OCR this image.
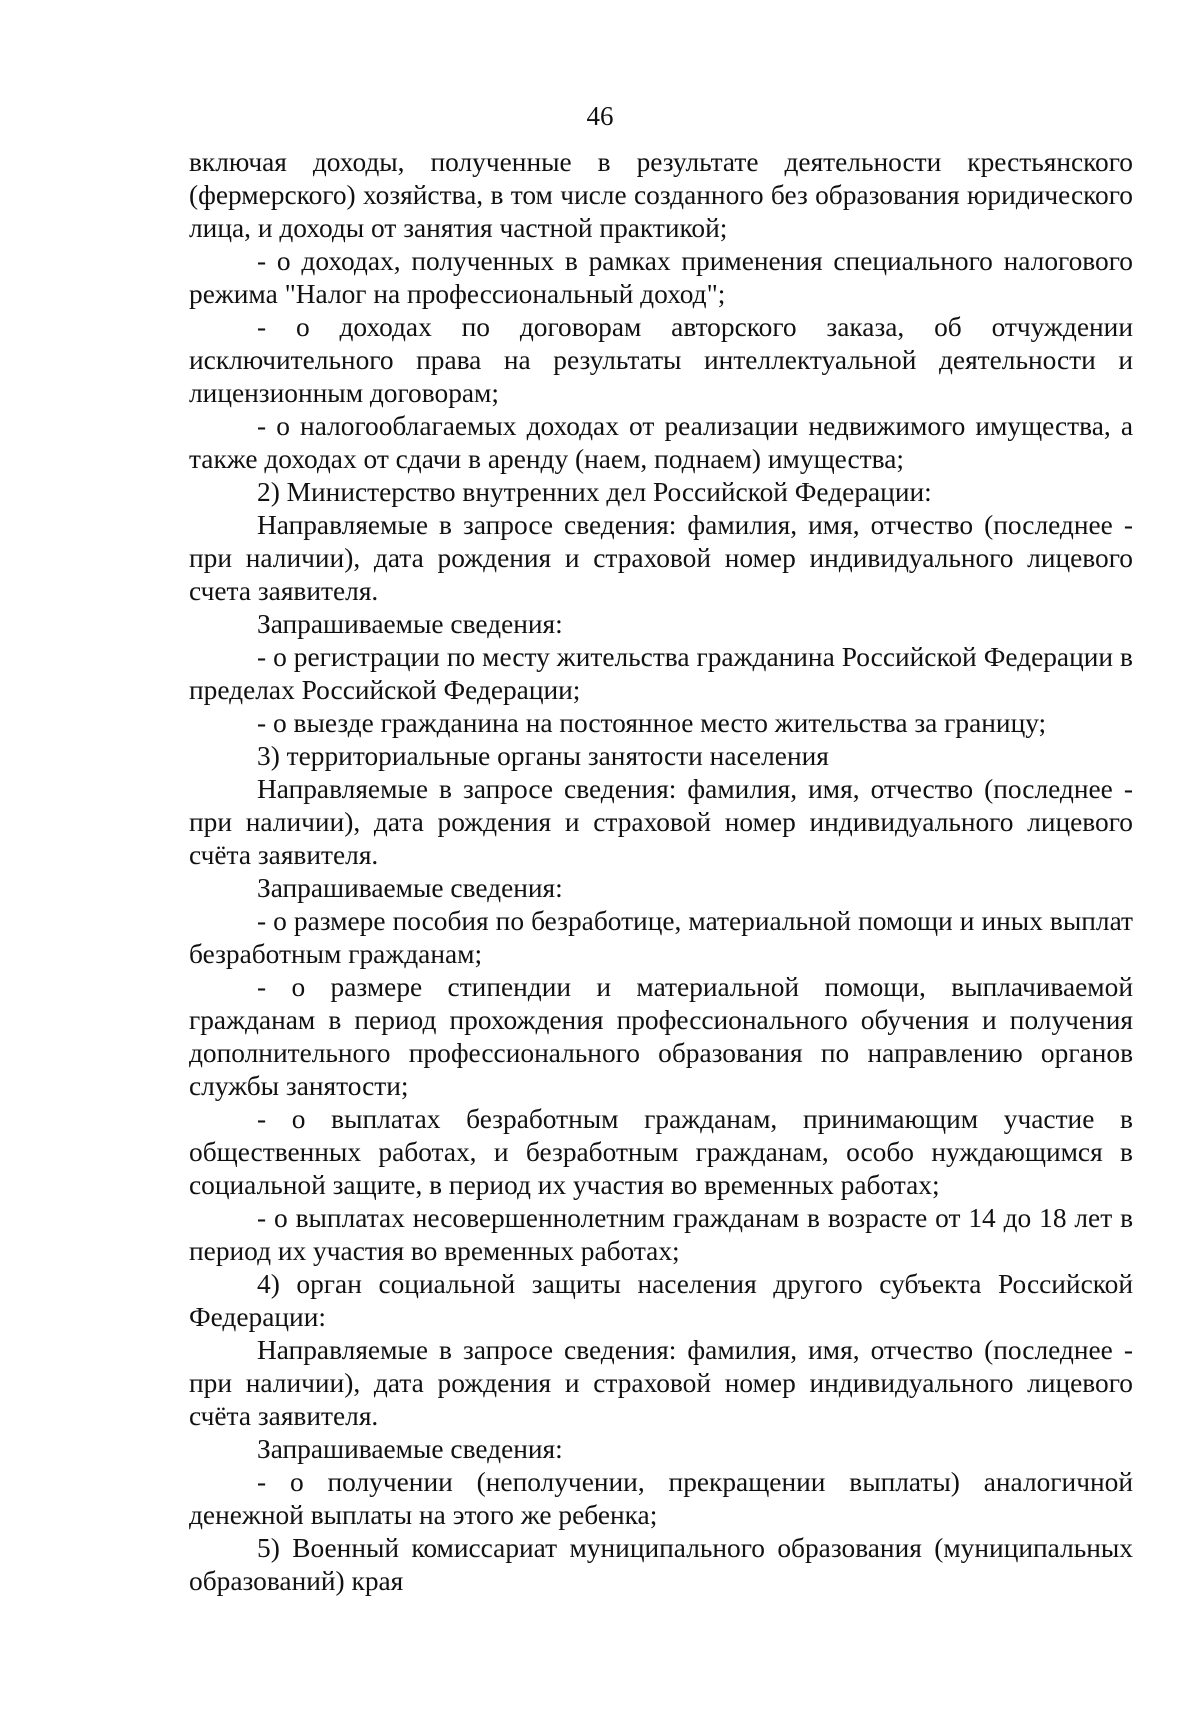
46

включая доходы, полученные в результате деятельности крестьянского (фермерского) хозяйства, в том числе созданного без образования юридического лица, и доходы от занятия частной практикой;

- о доходах, полученных в рамках применения специального налогового режима "Налог на профессиональный доход";

- о доходах по договорам авторского заказа, об отчуждении исключительного права на результаты интеллектуальной деятельности и лицензионным договорам;

- о налогооблагаемых доходах от реализации недвижимого имущества, а также доходах от сдачи в аренду (наем, поднаем) имущества;

2) Министерство внутренних дел Российской Федерации:

Направляемые в запросе сведения: фамилия, имя, отчество (последнее - при наличии), дата рождения и страховой номер индивидуального лицевого счета заявителя.

Запрашиваемые сведения:

- о регистрации по месту жительства гражданина Российской Федерации в пределах Российской Федерации;

- о выезде гражданина на постоянное место жительства за границу;

3) территориальные органы занятости населения

Направляемые в запросе сведения: фамилия, имя, отчество (последнее - при наличии), дата рождения и страховой номер индивидуального лицевого счёта заявителя.

Запрашиваемые сведения:

- о размере пособия по безработице, материальной помощи и иных выплат безработным гражданам;

- о размере стипендии и материальной помощи, выплачиваемой гражданам в период прохождения профессионального обучения и получения дополнительного профессионального образования по направлению органов службы занятости;

- о выплатах безработным гражданам, принимающим участие в общественных работах, и безработным гражданам, особо нуждающимся в социальной защите, в период их участия во временных работах;

- о выплатах несовершеннолетним гражданам в возрасте от 14 до 18 лет в период их участия во временных работах;

4) орган социальной защиты населения другого субъекта Российской Федерации:

Направляемые в запросе сведения: фамилия, имя, отчество (последнее - при наличии), дата рождения и страховой номер индивидуального лицевого счёта заявителя.

Запрашиваемые сведения:

- о получении (неполучении, прекращении выплаты) аналогичной денежной выплаты на этого же ребенка;

5) Военный комиссариат муниципального образования (муниципальных образований) края
